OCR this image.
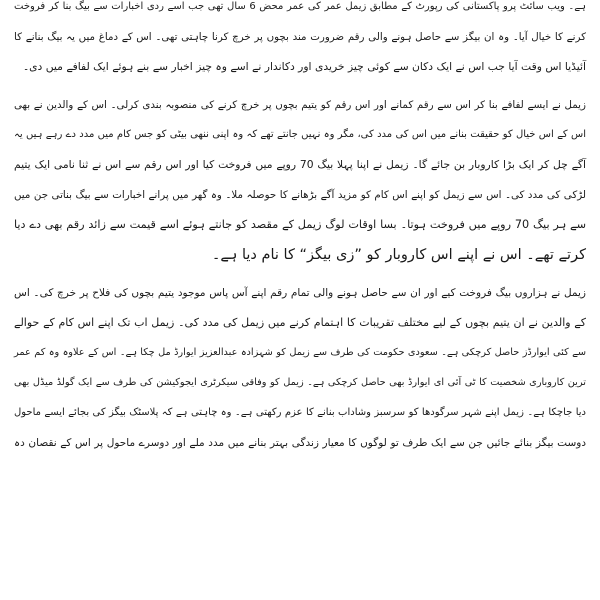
ہے۔ ویب سائٹ پرو پاکستانی کی رپورٹ کے مطابق زیمل عمر کی عمر محض 6 سال تھی جب اسے ردی اخبارات سے بیگ بنا کر فروخت
کرنے کا خیال آیا۔ وہ ان بیگز سے حاصل ہونے والی رقم ضرورت مند بچوں پر خرچ کرنا چاہتی تھی۔ اس کے دماغ میں یہ بیگ بنانے کا
آئیڈیا اس وقت آیا جب اس نے ایک دکان سے کوئی چیز خریدی اور دکاندار نے اسے وہ چیز اخبار سے بنے ہوئے ایک لفافے میں دی۔
زیمل نے ایسے لفافے بنا کر اس سے رقم کمانے اور اس رقم کو یتیم بچوں پر خرچ کرنے کی منصوبہ بندی کرلی۔ اس کے والدین نے بھی
اس کے اس خیال کو حقیقت بنانے میں اس کی مدد کی، مگر وہ نہیں جانتے تھے کہ وہ اپنی ننھی بیٹی کو جس کام میں مدد دے رہے ہیں یہ
آگے چل کر ایک بڑا کاروبار بن جائے گا۔ زیمل نے اپنا پہلا بیگ 70 روپے میں فروخت کیا اور اس رقم سے اس نے ثنا نامی ایک یتیم
لڑکی کی مدد کی۔ اس سے زیمل کو اپنے اس کام کو مزید آگے بڑھانے کا حوصلہ ملا۔ وہ گھر میں پرانے اخبارات سے بیگ بناتی جن میں
سے ہر بیگ 70 روپے میں فروخت ہوتا۔ بسا اوقات لوگ زیمل کے مقصد کو جانتے ہوئے اسے قیمت سے زائد رقم بھی دے دیا
کرتے تھے۔ اس نے اپنے اس کاروبار کو ”زی بیگز“ کا نام دیا ہے۔
زیمل نے ہزاروں بیگ فروخت کیے اور ان سے حاصل ہونے والی تمام رقم اپنے آس پاس موجود یتیم بچوں کی فلاح پر خرچ کی۔ اس
کے والدین نے ان یتیم بچوں کے لیے مختلف تقریبات کا اہتمام کرنے میں زیمل کی مدد کی۔ زیمل اب تک اپنے اس کام کے حوالے
سے کئی ایوارڈز حاصل کرچکی ہے۔ سعودی حکومت کی طرف سے زیمل کو شہزادہ عبدالعزیز ایوارڈ مل چکا ہے۔ اس کے علاوہ وہ کم عمر
ترین کاروباری شخصیت کا ٹی آئی ای ایوارڈ بھی حاصل کرچکی ہے۔ زیمل کو وفاقی سیکرٹری ایجوکیشن کی طرف سے ایک گولڈ میڈل بھی
دیا جاچکا ہے۔ زیمل اپنے شہر سرگودھا کو سرسبز وشاداب بنانے کا عزم رکھتی ہے۔ وہ چاہتی ہے کہ پلاسٹک بیگز کی بجائے ایسے ماحول
دوست بیگز بنائے جائیں جن سے ایک طرف تو لوگوں کا معیار زندگی بہتر بنانے میں مدد ملے اور دوسرے ماحول پر اس کے نقصان دہ
